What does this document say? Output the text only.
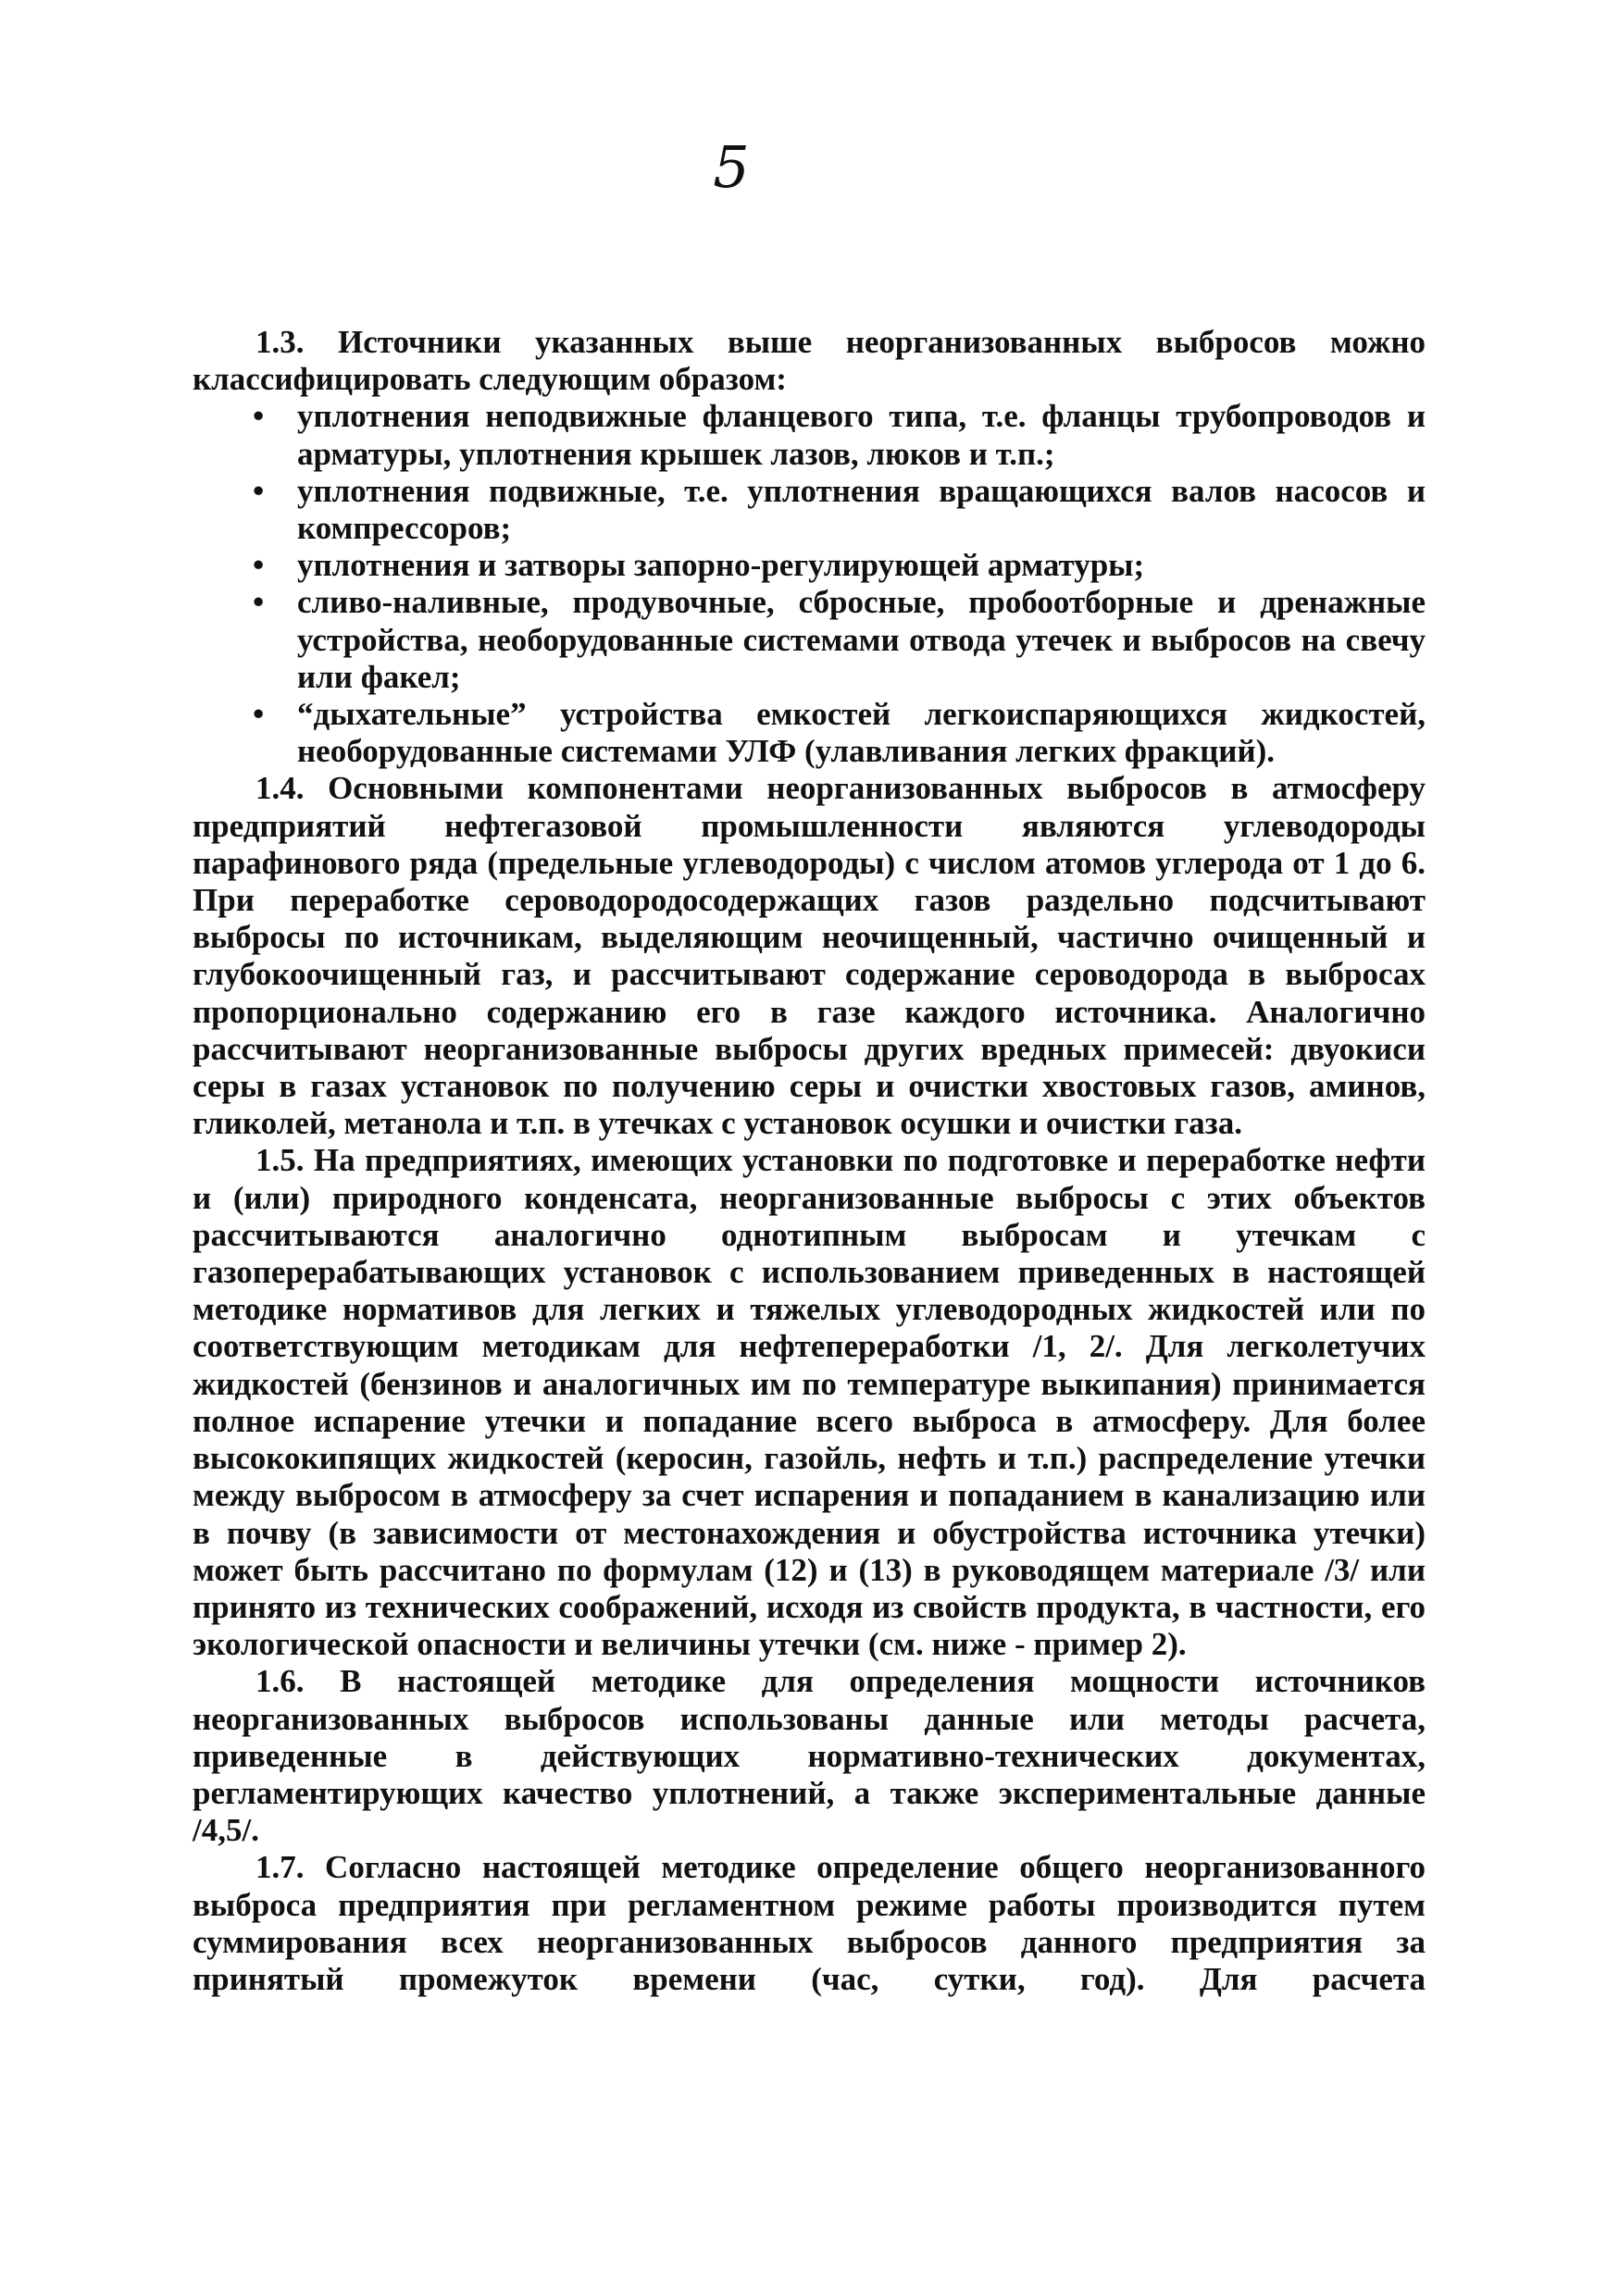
5

1.3. Источники указанных выше неорганизованных выбросов можно классифицировать следующим образом:

•	уплотнения неподвижные фланцевого типа, т.е. фланцы трубопроводов и арматуры, уплотнения крышек лазов, люков и т.п.;
•	уплотнения подвижные, т.е. уплотнения вращающихся валов насосов и компрессоров;
•	уплотнения и затворы запорно-регулирующей арматуры;
•	сливо-наливные, продувочные, сбросные, пробоотборные и дренажные устройства, необорудованные системами отвода утечек и выбросов на свечу или факел;
•	“дыхательные” устройства емкостей легкоиспаряющихся жидкостей, необорудованные системами УЛФ (улавливания легких фракций).

1.4. Основными компонентами неорганизованных выбросов в атмосферу предприятий нефтегазовой промышленности являются углеводороды парафинового ряда (предельные углеводороды) с числом атомов углерода от 1 до 6. При переработке сероводородосодержащих газов раздельно подсчитывают выбросы по источникам, выделяющим неочищенный, частично очищенный и глубокоочищенный газ, и рассчитывают содержание сероводорода в выбросах пропорционально содержанию его в газе каждого источника. Аналогично рассчитывают неорганизованные выбросы других вредных примесей: двуокиси серы в газах установок по получению серы и очистки хвостовых газов, аминов, гликолей, метанола и т.п. в утечках с установок осушки и очистки газа.

1.5. На предприятиях, имеющих установки по подготовке и переработке нефти и (или) природного конденсата, неорганизованные выбросы с этих объектов рассчитываются аналогично однотипным выбросам и утечкам с газоперерабатывающих установок с использованием приведенных в настоящей методике нормативов для легких и тяжелых углеводородных жидкостей или по соответствующим методикам для нефтепереработки /1, 2/. Для легколетучих жидкостей (бензинов и аналогичных им по температуре выкипания) принимается полное испарение утечки и попадание всего выброса в атмосферу. Для более высококипящих жидкостей (керосин, газойль, нефть и т.п.) распределение утечки между выбросом в атмосферу за счет испарения и попаданием в канализацию или в почву (в зависимости от местонахождения и обустройства источника утечки) может быть рассчитано по формулам (12) и (13) в руководящем материале /3/ или принято из технических соображений, исходя из свойств продукта, в частности, его экологической опасности и величины утечки (см. ниже - пример 2).

1.6. В настоящей методике для определения мощности источников неорганизованных выбросов использованы данные или методы расчета, приведенные в действующих нормативно-технических документах, регламентирующих качество уплотнений, а также экспериментальные данные /4,5/.

1.7. Согласно настоящей методике определение общего неорганизованного выброса предприятия при регламентном режиме работы производится путем суммирования всех неорганизованных выбросов данного предприятия за принятый промежуток времени (час, сутки, год). Для расчета
